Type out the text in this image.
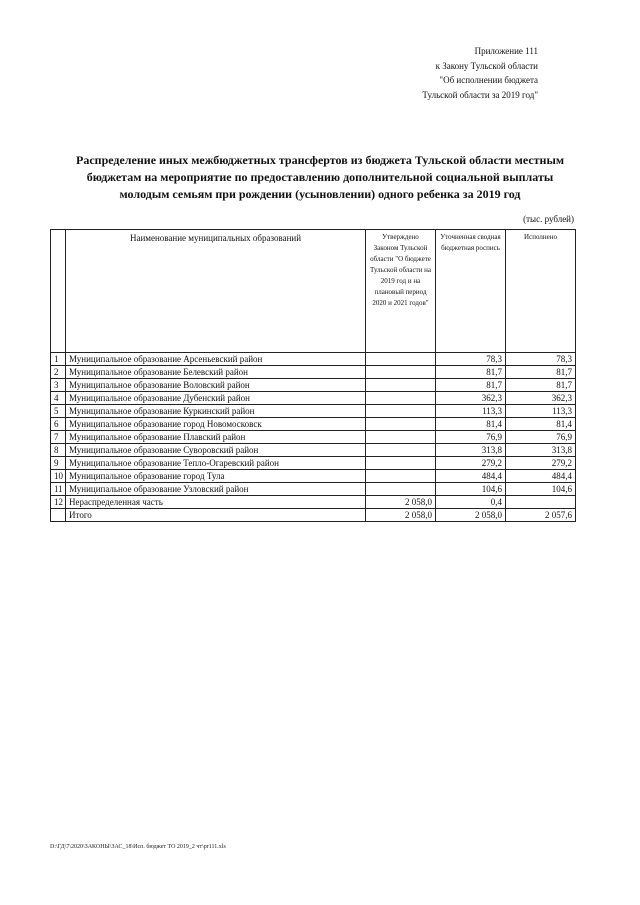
Приложение 111
к Закону Тульской области
"Об исполнении бюджета
Тульской области за 2019 год"
Распределение иных межбюджетных трансфертов из бюджета Тульской области местным
бюджетам на мероприятие по предоставлению дополнительной социальной выплаты
молодым семьям при рождении (усыновлении) одного ребенка за 2019 год
(тыс. рублей)
	Наименование муниципальных образований	Утверждено Законом Тульской области "О бюджете Тульской области на 2019 год и на плановый период 2020 и 2021 годов"	Уточненная сводная бюджетная роспись	Исполнено
1	Муниципальное образование Арсеньевский район		78,3	78,3
2	Муниципальное образование Белевский район		81,7	81,7
3	Муниципальное образование Воловский район		81,7	81,7
4	Муниципальное образование Дубенский район		362,3	362,3
5	Муниципальное образование Куркинский район		113,3	113,3
6	Муниципальное образование город Новомосковск		81,4	81,4
7	Муниципальное образование Плавский район		76,9	76,9
8	Муниципальное образование Суворовский район		313,8	313,8
9	Муниципальное образование Тепло-Огаревский район		279,2	279,2
10	Муниципальное образование город Тула		484,4	484,4
11	Муниципальное образование Узловский район		104,6	104,6
12	Нераспределенная часть	2 058,0	0,4	
	Итого	2 058,0	2 058,0	2 057,6
D:\ГД\7\2020\ЗАКОНЫ\ЗАС_18\Исп. бюджет ТО 2019_2 чт\pr111.xls
